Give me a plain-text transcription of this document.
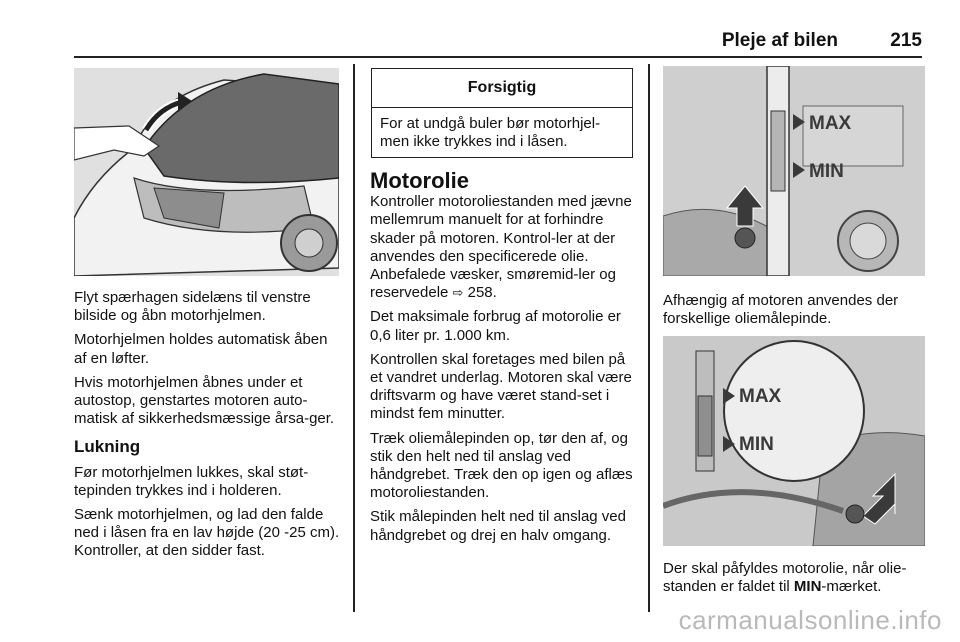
Pleje af bilen	215

Flyt spærhagen sidelæns til venstre bilside og åbn motorhjelmen.

Motorhjelmen holdes automatisk åben af en løfter.

Hvis motorhjelmen åbnes under et autostop, genstartes motoren auto-matisk af sikkerhedsmæssige årsa-ger.

Lukning

Før motorhjelmen lukkes, skal støt-tepinden trykkes ind i holderen.

Sænk motorhjelmen, og lad den falde ned i låsen fra en lav højde (20 -25 cm). Kontroller, at den sidder fast.

Forsigtig
For at undgå buler bør motorhjel-men ikke trykkes ind i låsen.
Motorolie

Kontroller motoroliestanden med jævne mellemrum manuelt for at forhindre skader på motoren. Kontrol-ler at der anvendes den specificerede olie. Anbefalede væsker, smøremid-ler og reservedele ⇨ 258.

Det maksimale forbrug af motorolie er 0,6 liter pr. 1.000 km.

Kontrollen skal foretages med bilen på et vandret underlag. Motoren skal være driftsvarm og have været stand-set i mindst fem minutter.

Træk oliemålepinden op, tør den af, og stik den helt ned til anslag ved håndgrebet. Træk den op igen og aflæs motoroliestanden.

Stik målepinden helt ned til anslag ved håndgrebet og drej en halv omgang.

MAX
MIN

Afhængig af motoren anvendes der forskellige oliemålepinde.

MAX
MIN

Der skal påfyldes motorolie, når olie-standen er faldet til MIN-mærket.

carmanualsonline.info
